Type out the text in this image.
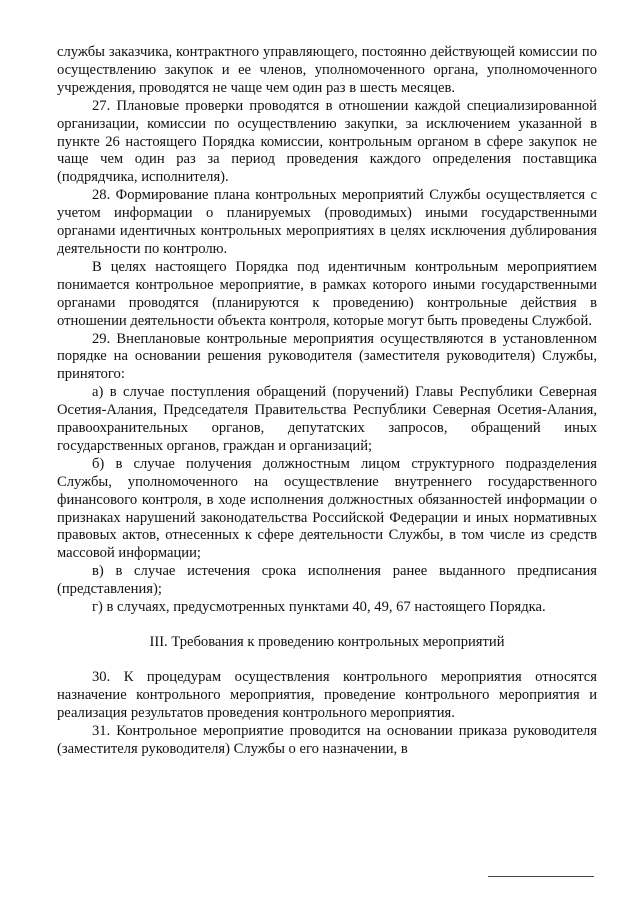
службы заказчика, контрактного управляющего, постоянно действующей комиссии по осуществлению закупок и ее членов, уполномоченного органа, уполномоченного учреждения, проводятся не чаще чем один раз в шесть месяцев.

27. Плановые проверки проводятся в отношении каждой специализированной организации, комиссии по осуществлению закупки, за исключением указанной в пункте 26 настоящего Порядка комиссии, контрольным органом в сфере закупок не чаще чем один раз за период проведения каждого определения поставщика (подрядчика, исполнителя).

28. Формирование плана контрольных мероприятий Службы осуществляется с учетом информации о планируемых (проводимых) иными государственными органами идентичных контрольных мероприятиях в целях исключения дублирования деятельности по контролю.

В целях настоящего Порядка под идентичным контрольным мероприятием понимается контрольное мероприятие, в рамках которого иными государственными органами проводятся (планируются к проведению) контрольные действия в отношении деятельности объекта контроля, которые могут быть проведены Службой.

29. Внеплановые контрольные мероприятия осуществляются в установленном порядке на основании решения руководителя (заместителя руководителя) Службы, принятого:

а) в случае поступления обращений (поручений) Главы Республики Северная Осетия-Алания, Председателя Правительства Республики Северная Осетия-Алания, правоохранительных органов, депутатских запросов, обращений иных государственных органов, граждан и организаций;

б) в случае получения должностным лицом структурного подразделения Службы, уполномоченного на осуществление внутреннего государственного финансового контроля, в ходе исполнения должностных обязанностей информации о признаках нарушений законодательства Российской Федерации и иных нормативных правовых актов, отнесенных к сфере деятельности Службы, в том числе из средств массовой информации;

в) в случае истечения срока исполнения ранее выданного предписания (представления);

г) в случаях, предусмотренных пунктами 40, 49, 67 настоящего Порядка.

III. Требования к проведению контрольных мероприятий

30. К процедурам осуществления контрольного мероприятия относятся назначение контрольного мероприятия, проведение контрольного мероприятия и реализация результатов проведения контрольного мероприятия.

31. Контрольное мероприятие проводится на основании приказа руководителя (заместителя руководителя) Службы о его назначении, в
